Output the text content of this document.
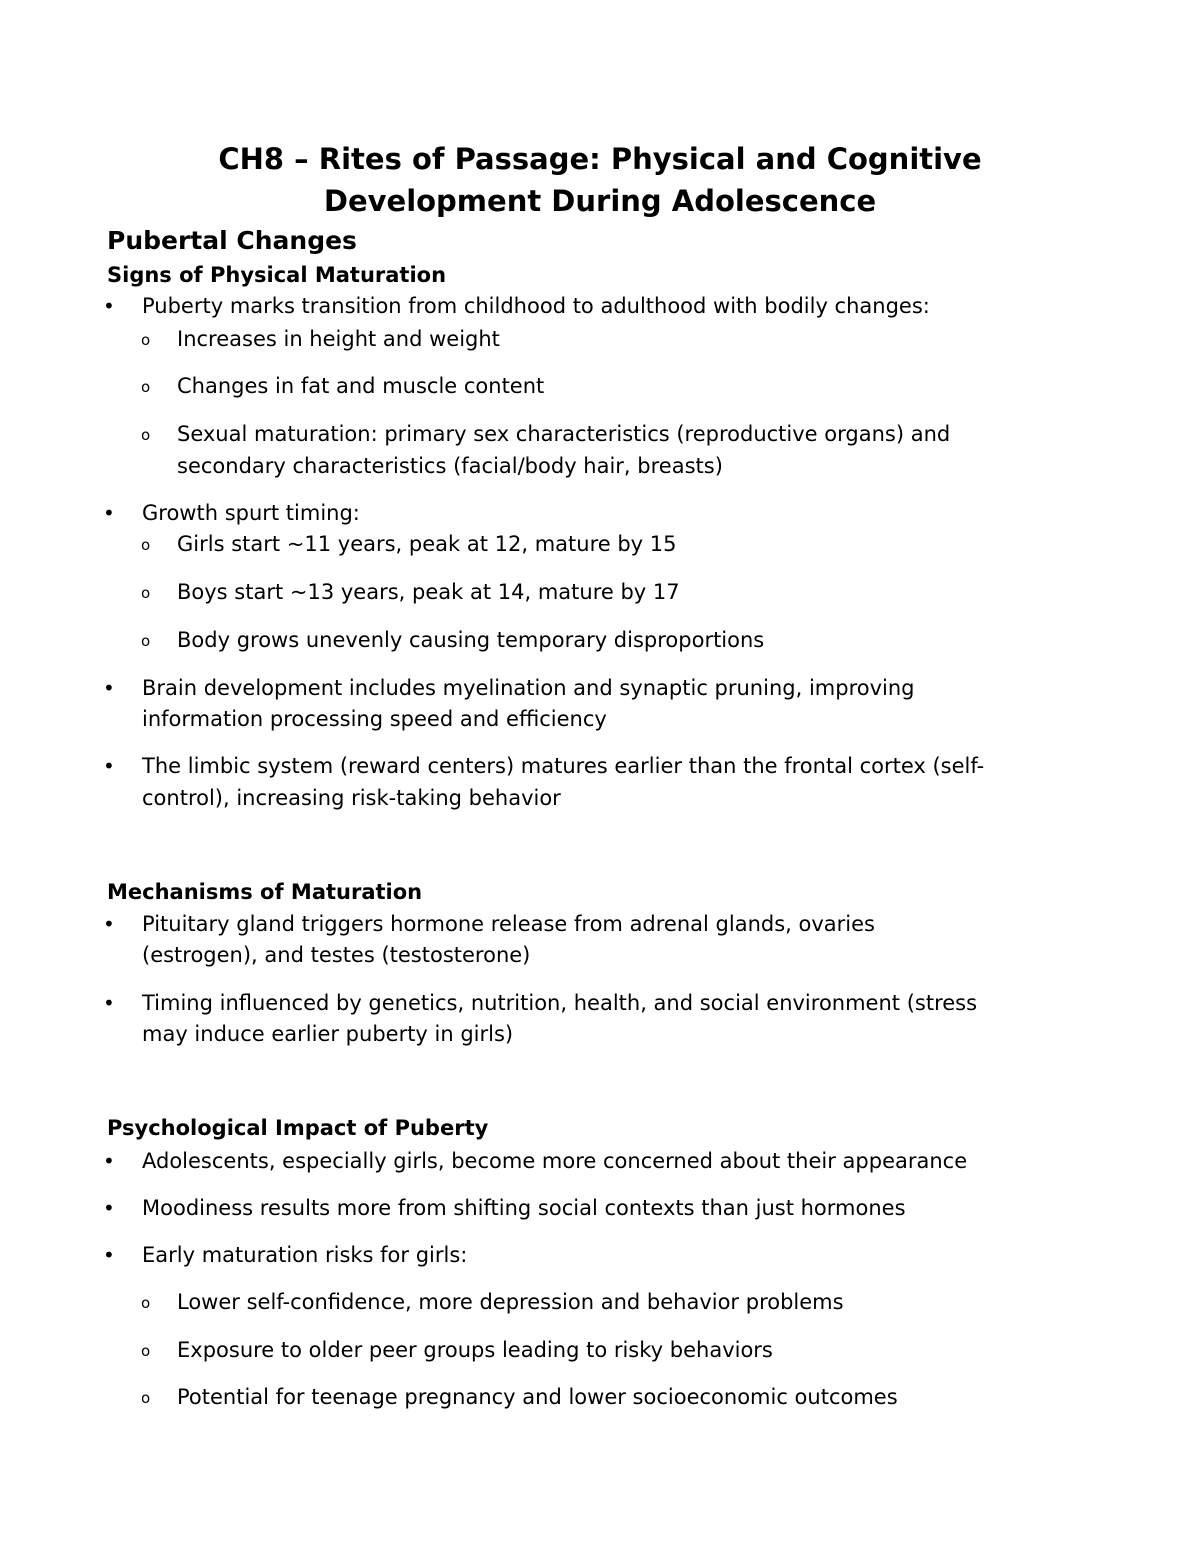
CH8 – Rites of Passage: Physical and Cognitive
Development During Adolescence
Pubertal Changes
Signs of Physical Maturation
• Puberty marks transition from childhood to adulthood with bodily changes:
o Increases in height and weight
o Changes in fat and muscle content
o Sexual maturation: primary sex characteristics (reproductive organs) and
secondary characteristics (facial/body hair, breasts)
• Growth spurt timing:
o Girls start ~11 years, peak at 12, mature by 15
o Boys start ~13 years, peak at 14, mature by 17
o Body grows unevenly causing temporary disproportions
• Brain development includes myelination and synaptic pruning, improving
information processing speed and efficiency
• The limbic system (reward centers) matures earlier than the frontal cortex (self-
control), increasing risk-taking behavior
Mechanisms of Maturation
• Pituitary gland triggers hormone release from adrenal glands, ovaries
(estrogen), and testes (testosterone)
• Timing influenced by genetics, nutrition, health, and social environment (stress
may induce earlier puberty in girls)
Psychological Impact of Puberty
• Adolescents, especially girls, become more concerned about their appearance
• Moodiness results more from shifting social contexts than just hormones
• Early maturation risks for girls:
o Lower self-confidence, more depression and behavior problems
o Exposure to older peer groups leading to risky behaviors
o Potential for teenage pregnancy and lower socioeconomic outcomes
